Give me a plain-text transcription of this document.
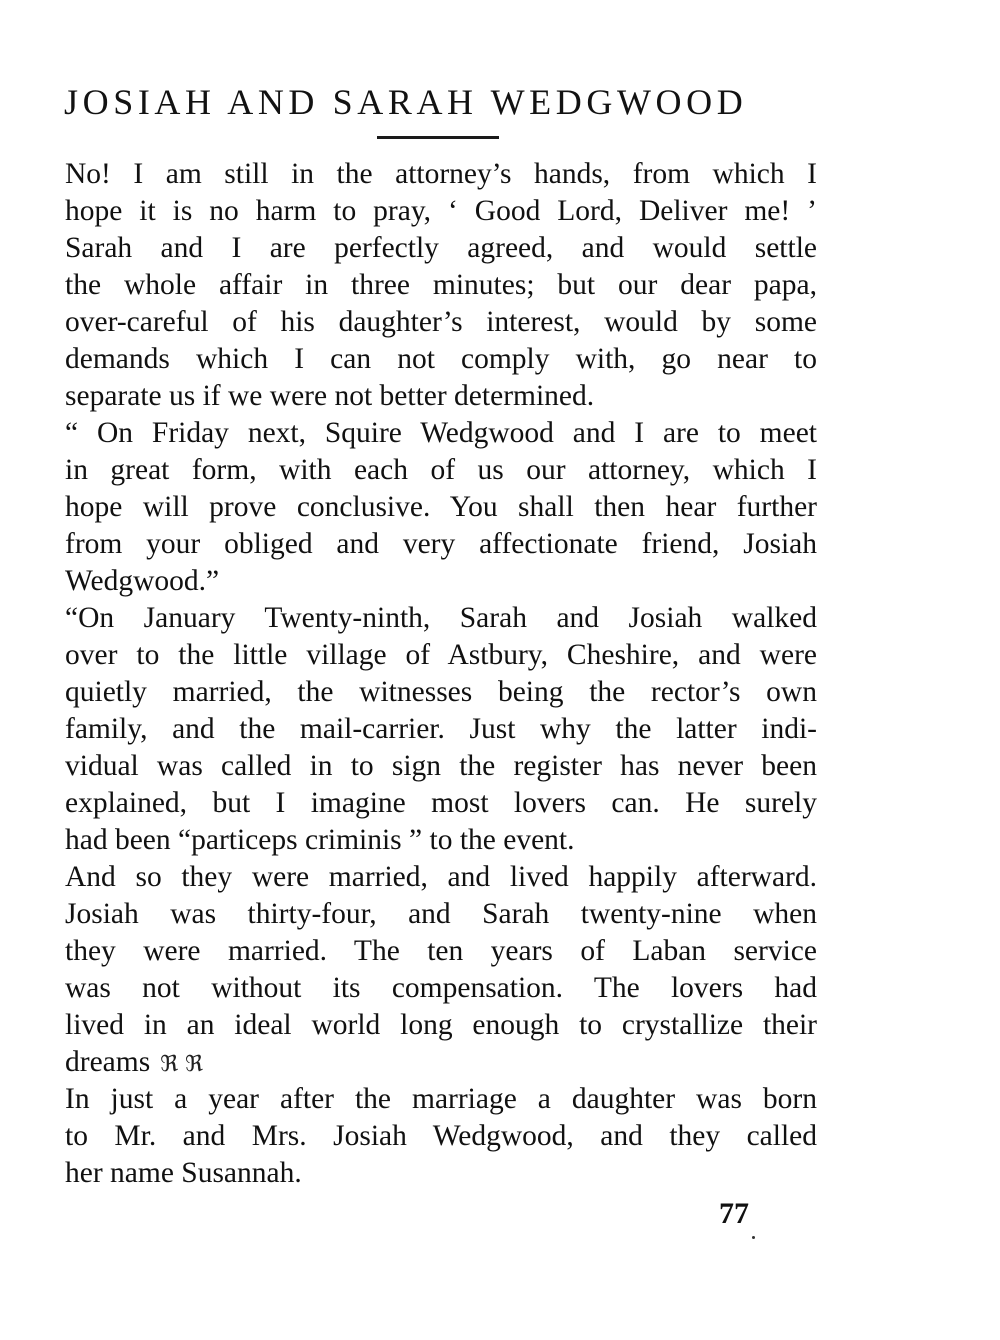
JOSIAH AND SARAH WEDGWOOD
No! I am still in the attorney’s hands, from which I
hope it is no harm to pray, ‘ Good Lord, Deliver me! ’
Sarah and I are perfectly agreed, and would settle
the whole affair in three minutes; but our dear papa,
over-careful of his daughter’s interest, would by some
demands which I can not comply with, go near to
separate us if we were not better determined.
“ On Friday next, Squire Wedgwood and I are to meet
in great form, with each of us our attorney, which I
hope will prove conclusive. You shall then hear further
from your obliged and very affectionate friend, Josiah
Wedgwood.”
“On January Twenty-ninth, Sarah and Josiah walked
over to the little village of Astbury, Cheshire, and were
quietly married, the witnesses being the rector’s own
family, and the mail-carrier. Just why the latter indi-
vidual was called in to sign the register has never been
explained, but I imagine most lovers can. He surely
had been “particeps criminis ” to the event.
And so they were married, and lived happily afterward.
Josiah was thirty-four, and Sarah twenty-nine when
they were married. The ten years of Laban service
was not without its compensation. The lovers had
lived in an ideal world long enough to crystallize their
dreams ℜ ℜ
In just a year after the marriage a daughter was born
to Mr. and Mrs. Josiah Wedgwood, and they called
her name Susannah.
77
